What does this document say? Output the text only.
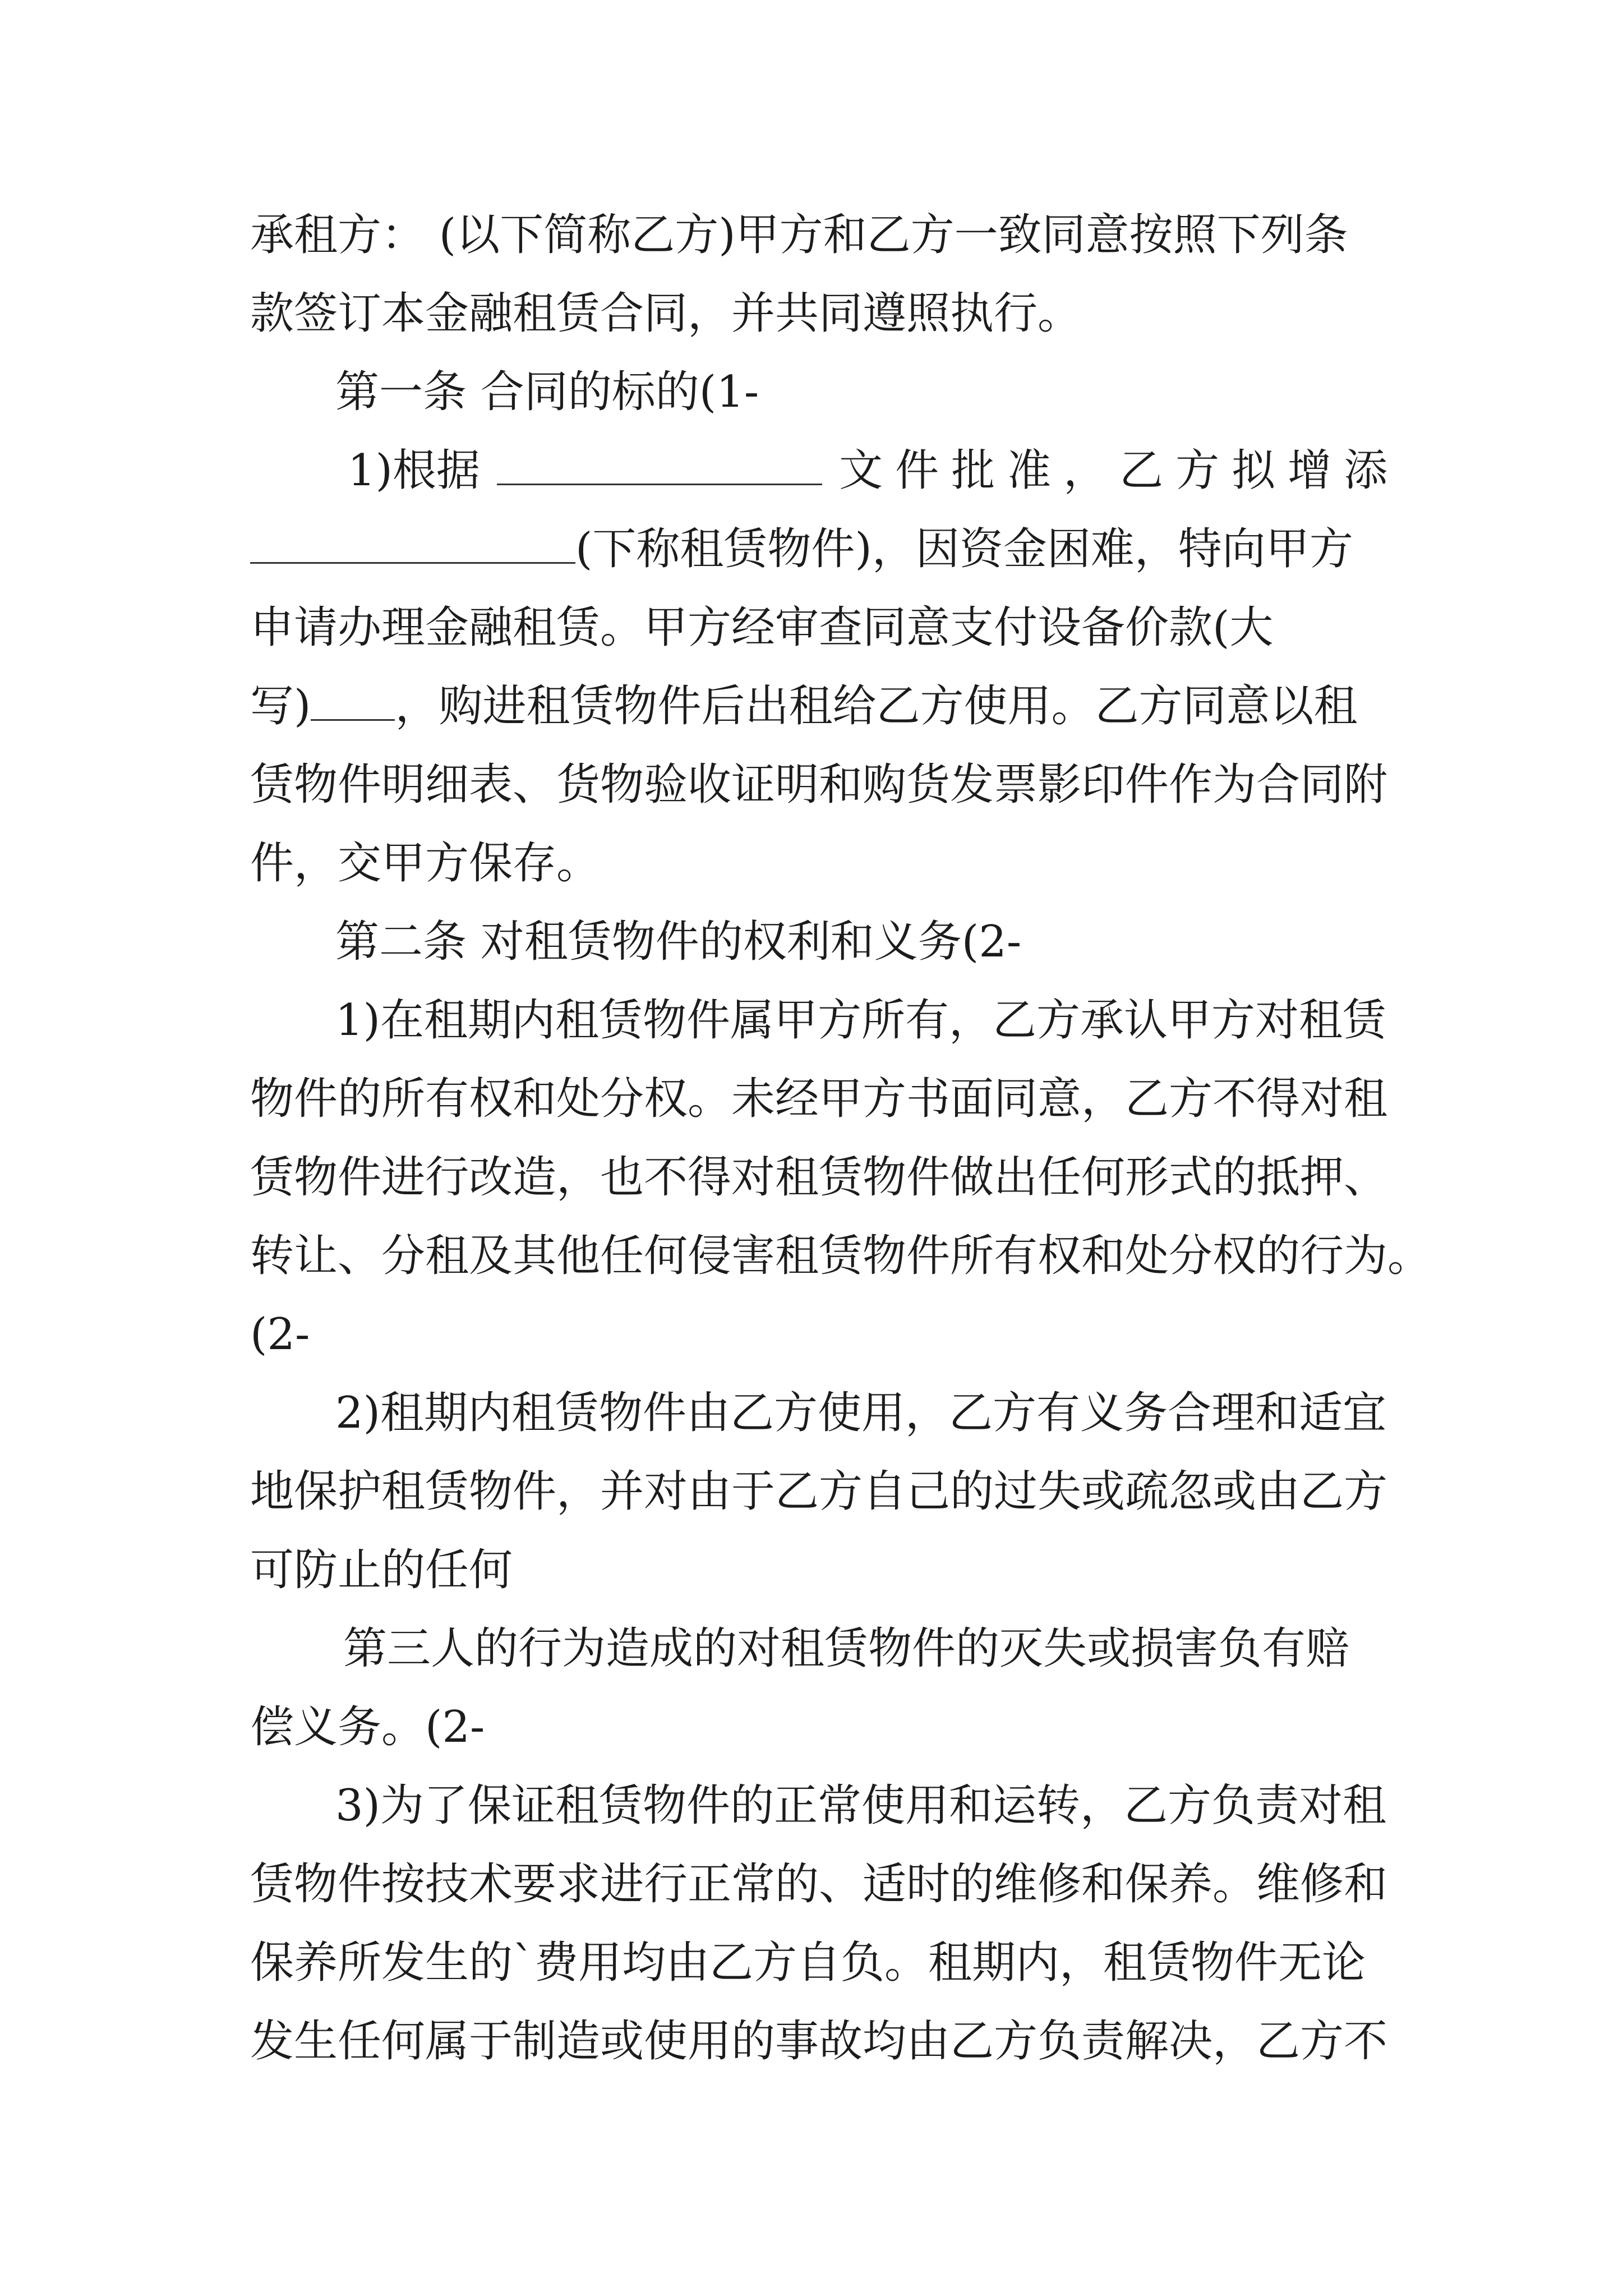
承租方： (以下简称乙方)甲方和乙方一致同意按照下列条

款签订本金融租赁合同，并共同遵照执行。

第一条 合同的标的(1-

1)根据	文件批准，乙方拟增添

(下称租赁物件)，因资金困难，特向甲方

申请办理金融租赁。甲方经审查同意支付设备价款(大

写) ，购进租赁物件后出租给乙方使用。乙方同意以租

赁物件明细表、货物验收证明和购货发票影印件作为合同附

件，交甲方保存。

第二条 对租赁物件的权利和义务(2-

1)在租期内租赁物件属甲方所有，乙方承认甲方对租赁

物件的所有权和处分权。未经甲方书面同意，乙方不得对租

赁物件进行改造，也不得对租赁物件做出任何形式的抵押、

转让、分租及其他任何侵害租赁物件所有权和处分权的行为。

(2-

2)租期内租赁物件由乙方使用，乙方有义务合理和适宜

地保护租赁物件，并对由于乙方自己的过失或疏忽或由乙方

可防止的任何

第三人的行为造成的对租赁物件的灭失或损害负有赔

偿义务。(2-

3)为了保证租赁物件的正常使用和运转，乙方负责对租

赁物件按技术要求进行正常的、适时的维修和保养。维修和

保养所发生的`费用均由乙方自负。租期内，租赁物件无论

发生任何属于制造或使用的事故均由乙方负责解决，乙方不
